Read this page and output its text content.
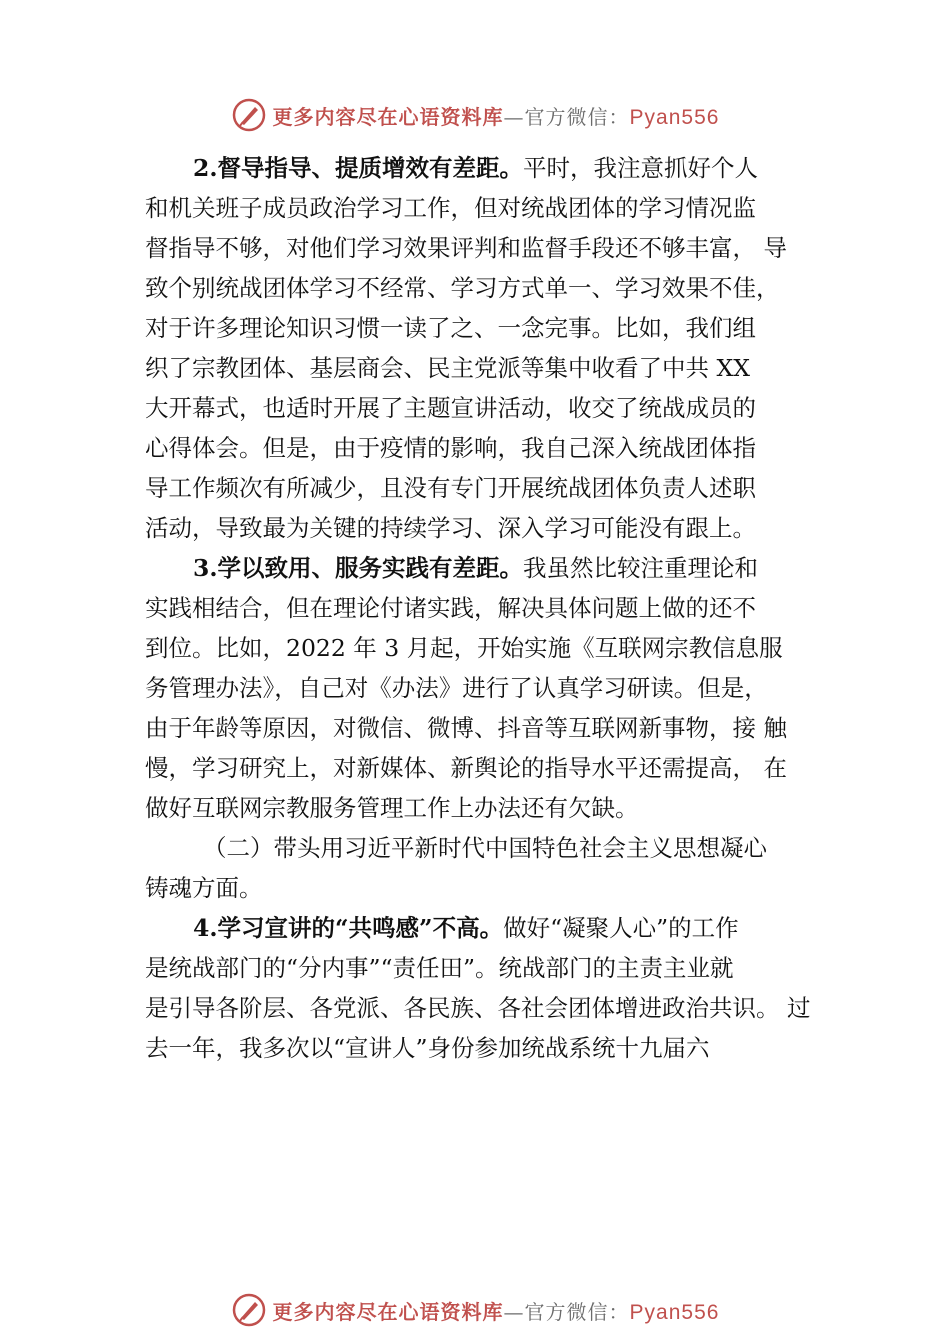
更多内容尽在心语资料库—官方微信：Pyan556
2.督导指导、提质增效有差距。平时，我注意抓好个人
和机关班子成员政治学习工作，但对统战团体的学习情况监
督指导不够，对他们学习效果评判和监督手段还不够丰富， 导
致个别统战团体学习不经常、学习方式单一、学习效果不佳，
对于许多理论知识习惯一读了之、一念完事。比如，我们组
织了宗教团体、基层商会、民主党派等集中收看了中共 XX
大开幕式，也适时开展了主题宣讲活动，收交了统战成员的
心得体会。但是，由于疫情的影响，我自己深入统战团体指
导工作频次有所减少，且没有专门开展统战团体负责人述职
活动，导致最为关键的持续学习、深入学习可能没有跟上。
3.学以致用、服务实践有差距。我虽然比较注重理论和
实践相结合，但在理论付诸实践，解决具体问题上做的还不
到位。比如，2022 年 3 月起，开始实施《互联网宗教信息服
务管理办法》，自己对《办法》进行了认真学习研读。但是，
由于年龄等原因，对微信、微博、抖音等互联网新事物，接 触
慢，学习研究上，对新媒体、新舆论的指导水平还需提高， 在
做好互联网宗教服务管理工作上办法还有欠缺。
（二）带头用习近平新时代中国特色社会主义思想凝心
铸魂方面。
4.学习宣讲的“共鸣感”不高。做好“凝聚人心”的工作
是统战部门的“分内事”“责任田”。统战部门的主责主业就
是引导各阶层、各党派、各民族、各社会团体增进政治共识。 过
去一年，我多次以“宣讲人”身份参加统战系统十九届六
更多内容尽在心语资料库—官方微信：Pyan556
